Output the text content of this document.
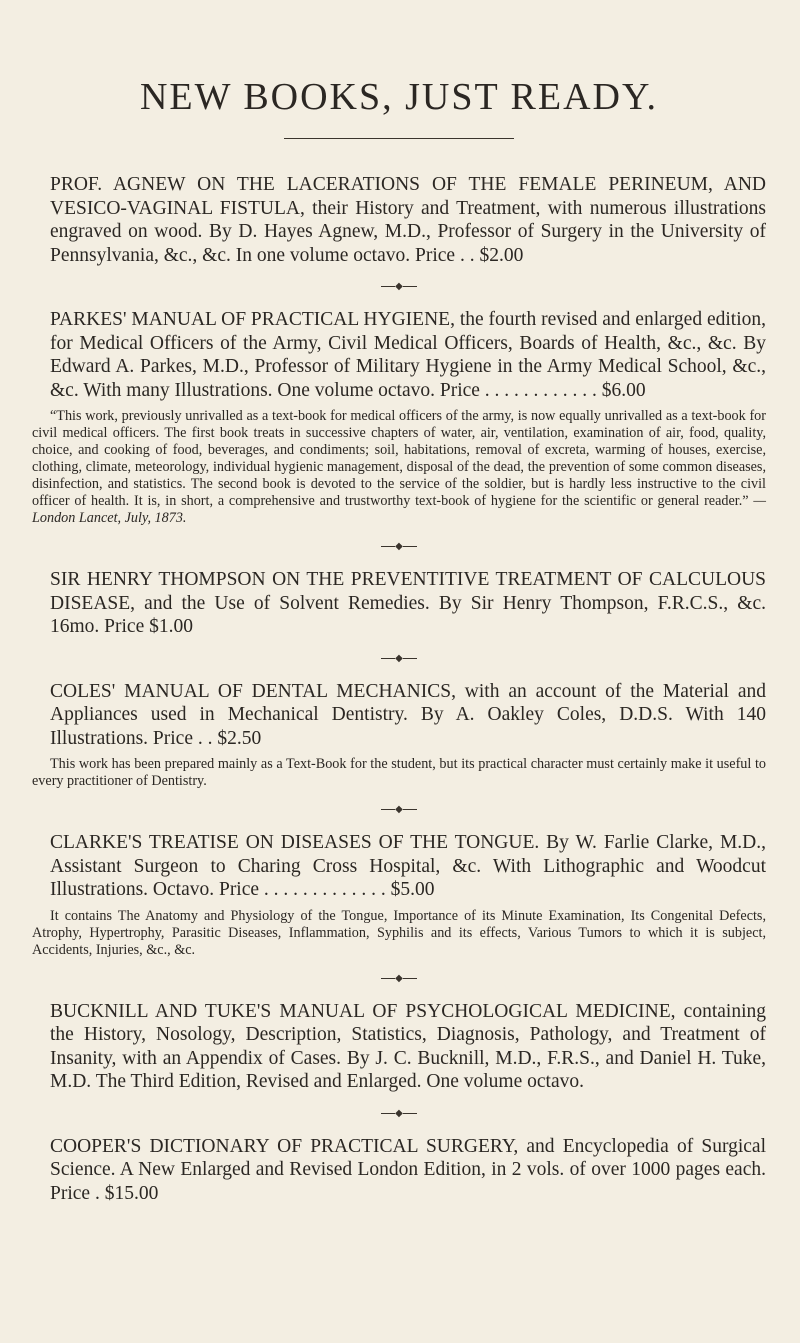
NEW BOOKS, JUST READY.

PROF. AGNEW ON THE LACERATIONS OF THE FEMALE PERINEUM, AND VESICO-VAGINAL FISTULA, their History and Treatment, with numerous illustrations engraved on wood. By D. Hayes Agnew, M.D., Professor of Surgery in the University of Pennsylvania, &c., &c. In one volume octavo. Price . . $2.00

◆

PARKES' MANUAL OF PRACTICAL HYGIENE, the fourth revised and enlarged edition, for Medical Officers of the Army, Civil Medical Officers, Boards of Health, &c., &c. By Edward A. Parkes, M.D., Professor of Military Hygiene in the Army Medical School, &c., &c. With many Illustrations. One volume octavo. Price . . . . . . . . . . . . $6.00

“This work, previously unrivalled as a text-book for medical officers of the army, is now equally unrivalled as a text-book for civil medical officers. The first book treats in successive chapters of water, air, ventilation, examination of air, food, quality, choice, and cooking of food, beverages, and condiments; soil, habitations, removal of excreta, warming of houses, exercise, clothing, climate, meteorology, individual hygienic management, disposal of the dead, the prevention of some common diseases, disinfection, and statistics. The second book is devoted to the service of the soldier, but is hardly less instructive to the civil officer of health. It is, in short, a comprehensive and trustworthy text-book of hygiene for the scientific or general reader.” — London Lancet, July, 1873.

◆

SIR HENRY THOMPSON ON THE PREVENTITIVE TREATMENT OF CALCULOUS DISEASE, and the Use of Solvent Remedies. By Sir Henry Thompson, F.R.C.S., &c. 16mo. Price $1.00

◆

COLES' MANUAL OF DENTAL MECHANICS, with an account of the Material and Appliances used in Mechanical Dentistry. By A. Oakley Coles, D.D.S. With 140 Illustrations. Price . . $2.50

This work has been prepared mainly as a Text-Book for the student, but its practical character must certainly make it useful to every practitioner of Dentistry.

◆

CLARKE'S TREATISE ON DISEASES OF THE TONGUE. By W. Farlie Clarke, M.D., Assistant Surgeon to Charing Cross Hospital, &c. With Lithographic and Woodcut Illustrations. Octavo. Price . . . . . . . . . . . . . $5.00

It contains The Anatomy and Physiology of the Tongue, Importance of its Minute Examination, Its Congenital Defects, Atrophy, Hypertrophy, Parasitic Diseases, Inflammation, Syphilis and its effects, Various Tumors to which it is subject, Accidents, Injuries, &c., &c.

◆

BUCKNILL AND TUKE'S MANUAL OF PSYCHOLOGICAL MEDICINE, containing the History, Nosology, Description, Statistics, Diagnosis, Pathology, and Treatment of Insanity, with an Appendix of Cases. By J. C. Bucknill, M.D., F.R.S., and Daniel H. Tuke, M.D. The Third Edition, Revised and Enlarged. One volume octavo.

◆

COOPER'S DICTIONARY OF PRACTICAL SURGERY, and Encyclopedia of Surgical Science. A New Enlarged and Revised London Edition, in 2 vols. of over 1000 pages each. Price . $15.00
